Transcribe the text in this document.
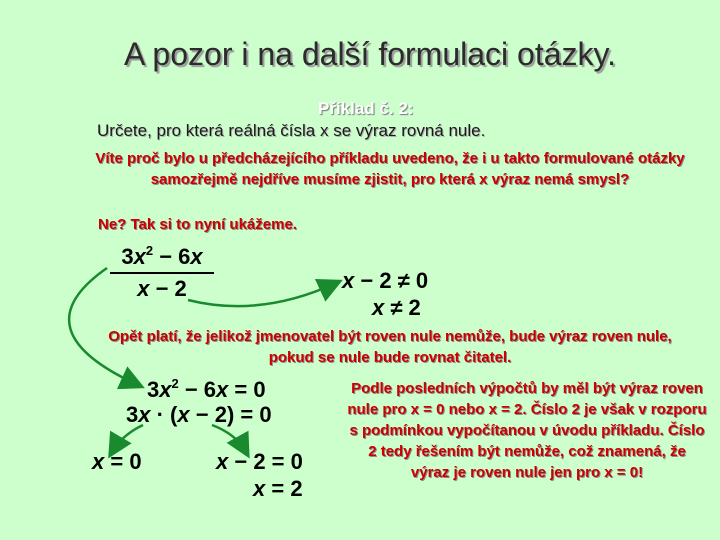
A pozor i na další formulaci otázky.
Příklad č. 2:
Určete, pro která reálná čísla x se výraz rovná nule.
Víte proč bylo u předcházejícího příkladu uvedeno, že i u takto formulované otázky samozřejmě nejdříve musíme zjistit, pro která x výraz nemá smysl?
Ne? Tak si to nyní ukážeme.
Opět platí, že jelikož jmenovatel být roven nule nemůže, bude výraz roven nule, pokud se nule bude rovnat čitatel.
Podle posledních výpočtů by měl být výraz roven nule pro x = 0 nebo x = 2. Číslo 2 je však v rozporu s podmínkou vypočítanou v úvodu příkladu. Číslo 2 tedy řešením být nemůže, což znamená, že výraz je roven nule jen pro x = 0!
$3x^2 - 6x$
x − 2	x − 2 ≠ 0
x ≠ 2
$3x^2 - 6x = 0$
3x · (x − 2) = 0
x = 0	x − 2 = 0
x = 2
